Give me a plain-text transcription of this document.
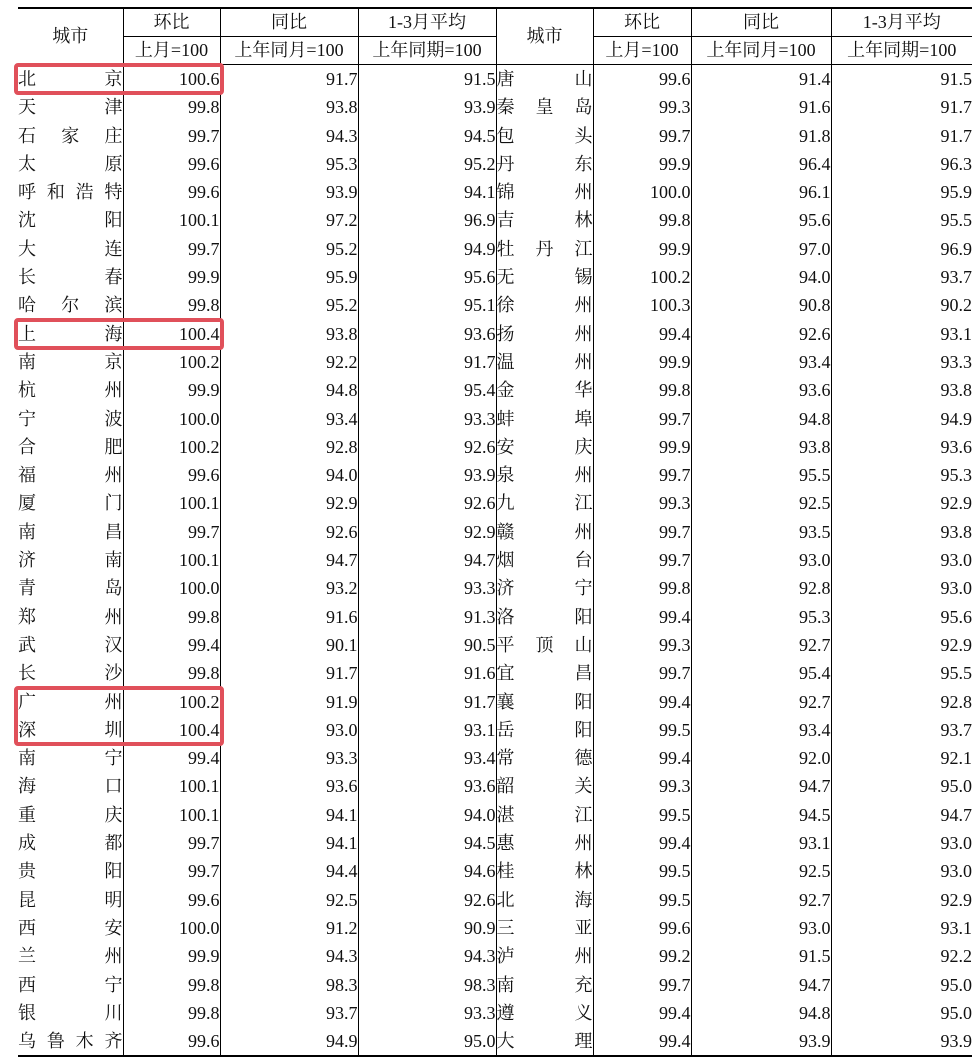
城市	环比	同比	1-3月平均	城市	环比	同比	1-3月平均
	上月=100	上年同月=100	上年同期=100		上月=100	上年同月=100	上年同期=100

北京	100.6	91.7	91.5	唐山	99.6	91.4	91.5

天津	99.8	93.8	93.9	秦皇岛	99.3	91.6	91.7

石家庄	99.7	94.3	94.5	包头	99.7	91.8	91.7

太原	99.6	95.3	95.2	丹东	99.9	96.4	96.3

呼和浩特	99.6	93.9	94.1	锦州	100.0	96.1	95.9

沈阳	100.1	97.2	96.9	吉林	99.8	95.6	95.5

大连	99.7	95.2	94.9	牡丹江	99.9	97.0	96.9

长春	99.9	95.9	95.6	无锡	100.2	94.0	93.7

哈尔滨	99.8	95.2	95.1	徐州	100.3	90.8	90.2

上海	100.4	93.8	93.6	扬州	99.4	92.6	93.1

南京	100.2	92.2	91.7	温州	99.9	93.4	93.3

杭州	99.9	94.8	95.4	金华	99.8	93.6	93.8

宁波	100.0	93.4	93.3	蚌埠	99.7	94.8	94.9

合肥	100.2	92.8	92.6	安庆	99.9	93.8	93.6

福州	99.6	94.0	93.9	泉州	99.7	95.5	95.3

厦门	100.1	92.9	92.6	九江	99.3	92.5	92.9

南昌	99.7	92.6	92.9	赣州	99.7	93.5	93.8

济南	100.1	94.7	94.7	烟台	99.7	93.0	93.0

青岛	100.0	93.2	93.3	济宁	99.8	92.8	93.0

郑州	99.8	91.6	91.3	洛阳	99.4	95.3	95.6

武汉	99.4	90.1	90.5	平顶山	99.3	92.7	92.9

长沙	99.8	91.7	91.6	宜昌	99.7	95.4	95.5

广州	100.2	91.9	91.7	襄阳	99.4	92.7	92.8

深圳	100.4	93.0	93.1	岳阳	99.5	93.4	93.7

南宁	99.4	93.3	93.4	常德	99.4	92.0	92.1

海口	100.1	93.6	93.6	韶关	99.3	94.7	95.0

重庆	100.1	94.1	94.0	湛江	99.5	94.5	94.7

成都	99.7	94.1	94.5	惠州	99.4	93.1	93.0

贵阳	99.7	94.4	94.6	桂林	99.5	92.5	93.0

昆明	99.6	92.5	92.6	北海	99.5	92.7	92.9

西安	100.0	91.2	90.9	三亚	99.6	93.0	93.1

兰州	99.9	94.3	94.3	泸州	99.2	91.5	92.2

西宁	99.8	98.3	98.3	南充	99.7	94.7	95.0

银川	99.8	93.7	93.3	遵义	99.4	94.8	95.0

乌鲁木齐	99.6	94.9	95.0	大理	99.4	93.9	93.9
